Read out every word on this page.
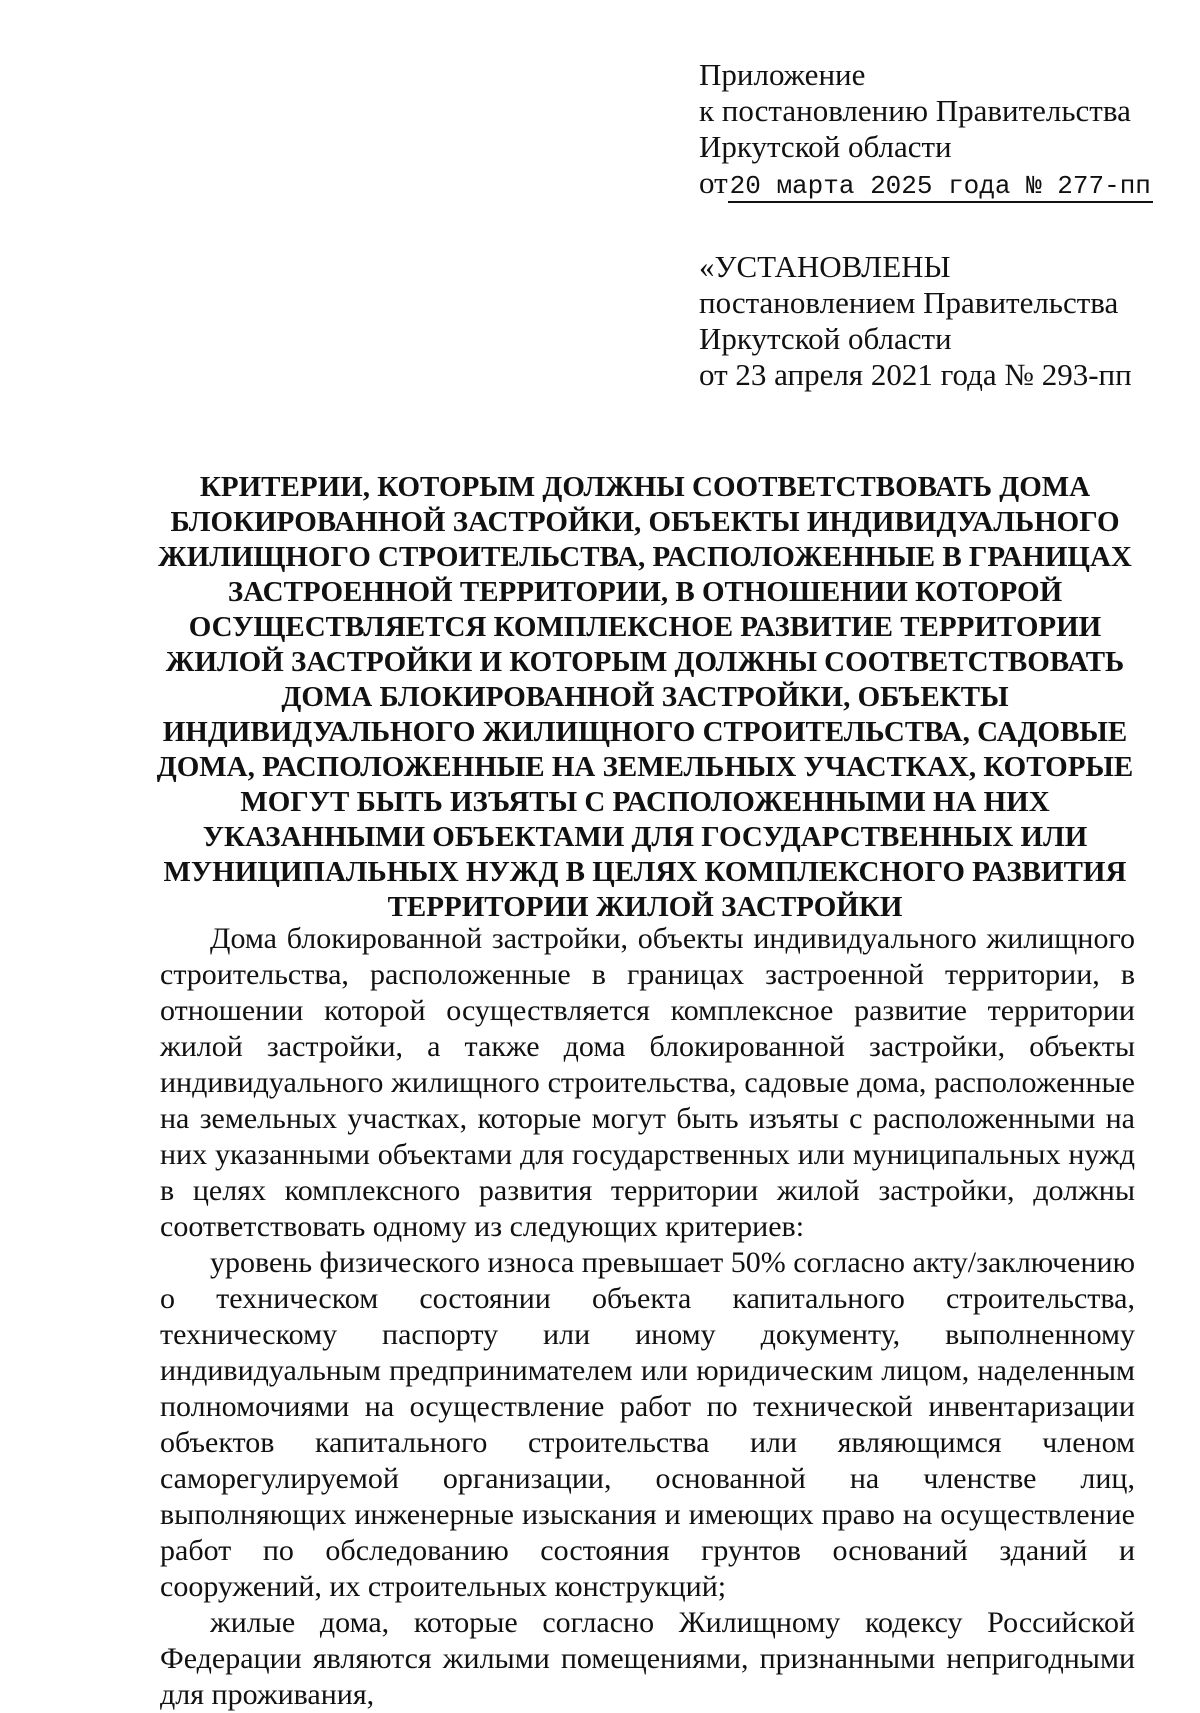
Приложение
к постановлению Правительства
Иркутской области
от20 марта 2025 года № 277-пп
«УСТАНОВЛЕНЫ
постановлением Правительства
Иркутской области
от 23 апреля 2021 года № 293-пп
КРИТЕРИИ, КОТОРЫМ ДОЛЖНЫ СООТВЕТСТВОВАТЬ ДОМА
БЛОКИРОВАННОЙ ЗАСТРОЙКИ, ОБЪЕКТЫ ИНДИВИДУАЛЬНОГО
ЖИЛИЩНОГО СТРОИТЕЛЬСТВА, РАСПОЛОЖЕННЫЕ В ГРАНИЦАХ
ЗАСТРОЕННОЙ ТЕРРИТОРИИ, В ОТНОШЕНИИ КОТОРОЙ
ОСУЩЕСТВЛЯЕТСЯ КОМПЛЕКСНОЕ РАЗВИТИЕ ТЕРРИТОРИИ
ЖИЛОЙ ЗАСТРОЙКИ И КОТОРЫМ ДОЛЖНЫ СООТВЕТСТВОВАТЬ
ДОМА БЛОКИРОВАННОЙ ЗАСТРОЙКИ, ОБЪЕКТЫ
ИНДИВИДУАЛЬНОГО ЖИЛИЩНОГО СТРОИТЕЛЬСТВА, САДОВЫЕ
ДОМА, РАСПОЛОЖЕННЫЕ НА ЗЕМЕЛЬНЫХ УЧАСТКАХ, КОТОРЫЕ
МОГУТ БЫТЬ ИЗЪЯТЫ С РАСПОЛОЖЕННЫМИ НА НИХ
УКАЗАННЫМИ ОБЪЕКТАМИ ДЛЯ ГОСУДАРСТВЕННЫХ ИЛИ
МУНИЦИПАЛЬНЫХ НУЖД В ЦЕЛЯХ КОМПЛЕКСНОГО РАЗВИТИЯ
ТЕРРИТОРИИ ЖИЛОЙ ЗАСТРОЙКИ

Дома блокированной застройки, объекты индивидуального жилищного строительства, расположенные в границах застроенной территории, в отношении которой осуществляется комплексное развитие территории жилой застройки, а также дома блокированной застройки, объекты индивидуального жилищного строительства, садовые дома, расположенные на земельных участках, которые могут быть изъяты с расположенными на них указанными объектами для государственных или муниципальных нужд в целях комплексного развития территории жилой застройки, должны соответствовать одному из следующих критериев:

уровень физического износа превышает 50% согласно акту/заключению о техническом состоянии объекта капитального строительства, техническому паспорту или иному документу, выполненному индивидуальным предпринимателем или юридическим лицом, наделенным полномочиями на осуществление работ по технической инвентаризации объектов капитального строительства или являющимся членом саморегулируемой организации, основанной на членстве лиц, выполняющих инженерные изыскания и имеющих право на осуществление работ по обследованию состояния грунтов оснований зданий и сооружений, их строительных конструкций;

жилые дома, которые согласно Жилищному кодексу Российской Федерации являются жилыми помещениями, признанными непригодными для проживания,
